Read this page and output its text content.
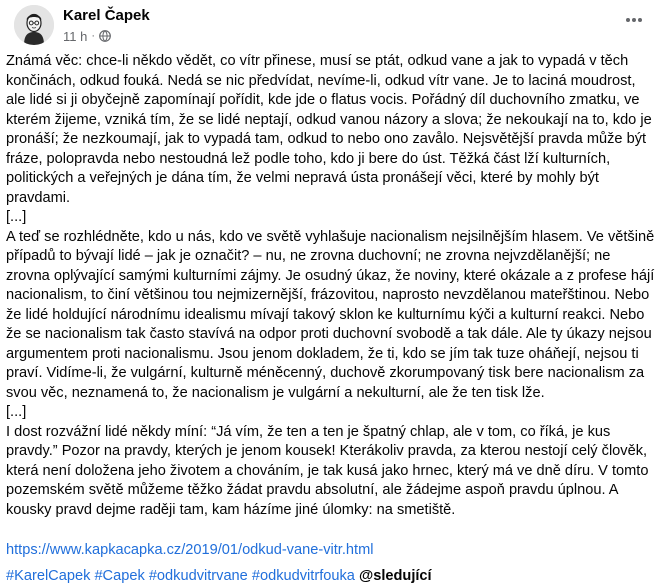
Karel Čapek
11 h ·

Známá věc: chce-li někdo vědět, co vítr přinese, musí se ptát, odkud vane a jak to vypadá v těch končinách, odkud fouká. Nedá se nic předvídat, nevíme-li, odkud vítr vane. Je to laciná moudrost, ale lidé si ji obyčejně zapomínají pořídit, kde jde o flatus vocis. Pořádný díl duchovního zmatku, ve kterém žijeme, vzniká tím, že se lidé neptají, odkud vanou názory a slova; že nekoukají na to, kdo je pronáší; že nezkoumají, jak to vypadá tam, odkud to nebo ono zavålo. Nejsvětější pravda může být fráze, polopravda nebo nestoudná lež podle toho, kdo ji bere do úst. Těžká část lží kulturních, politických a veřejných je dána tím, že velmi nepravá ústa pronášejí věci, které by mohly být pravdami.

[...]

A teď se rozhlédněte, kdo u nás, kdo ve světě vyhlašuje nacionalism nejsilnějším hlasem. Ve většině případů to bývají lidé – jak je označit? – nu, ne zrovna duchovní; ne zrovna nejvzdělanější; ne zrovna oplývající samými kulturními zájmy. Je osudný úkaz, že noviny, které okázale a z profese hájí nacionalism, to činí většinou tou nejmizernější, frázovitou, naprosto nevzdělanou mateřštinou. Nebo že lidé holdující národnímu idealismu mívají takový sklon ke kulturnímu kýči a kulturní reakci. Nebo že se nacionalism tak často stavívá na odpor proti duchovní svobodě a tak dále. Ale ty úkazy nejsou argumentem proti nacionalismu. Jsou jenom dokladem, že ti, kdo se jím tak tuze oháňejí, nejsou ti praví. Vidíme-li, že vulgární, kulturně méněcenný, duchově zkorumpovaný tisk bere nacionalism za svou věc, neznamená to, že nacionalism je vulgární a nekulturní, ale že ten tisk lže.

[...]

I dost rozvážní lidé někdy míní: “Já vím, že ten a ten je špatný chlap, ale v tom, co říká, je kus pravdy.” Pozor na pravdy, kterých je jenom kousek! Kterákoliv pravda, za kterou nestojí celý člověk, která není doložena jeho životem a chováním, je tak kusá jako hrnec, který má ve dně díru. V tomto pozemském světě můžeme těžko žádat pravdu absolutní, ale žádejme aspoň pravdu úplnou. A kousky pravd dejme raději tam, kam házíme jiné úlomky: na smetiště.

https://www.kapkacapka.cz/2019/01/odkud-vane-vitr.html
#KarelCapek #Capek #odkudvitrvane #odkudvitrfouka @sledující
